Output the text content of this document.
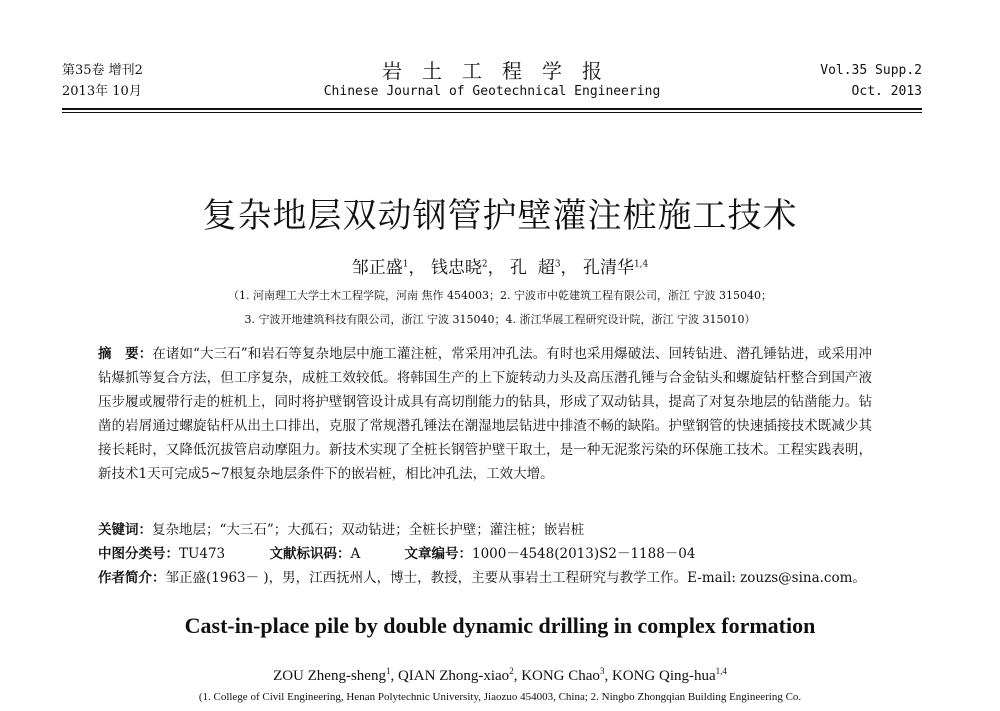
第35卷 增刊2
2013年 10月
岩土工程学报
Chinese Journal of Geotechnical Engineering
Vol.35 Supp.2
Oct. 2013
复杂地层双动钢管护壁灌注桩施工技术
邹正盛$^1$， 钱忠晓$^2$， 孔  超$^3$， 孔清华$^{1,4}$
（1. 河南理工大学土木工程学院，河南 焦作 454003；2. 宁波市中乾建筑工程有限公司，浙江 宁波 315040；
3. 宁波开地建筑科技有限公司，浙江 宁波 315040；4. 浙江华展工程研究设计院，浙江 宁波 315010）
摘　要：在诸如“大三石”和岩石等复杂地层中施工灌注桩，常采用冲孔法。有时也采用爆破法、回转钻进、潜孔锤钻进，或采用冲钻爆抓等复合方法，但工序复杂，成桩工效较低。将韩国生产的上下旋转动力头及高压潜孔锤与合金钻头和螺旋钻杆整合到国产液压步履或履带行走的桩机上，同时将护壁钢管设计成具有高切削能力的钻具，形成了双动钻具，提高了对复杂地层的钻凿能力。钻凿的岩屑通过螺旋钻杆从出土口排出，克服了常规潜孔锤法在潮湿地层钻进中排渣不畅的缺陷。护壁钢管的快速插接技术既减少其接长耗时，又降低沉拔管启动摩阻力。新技术实现了全桩长钢管护壁干取土，是一种无泥浆污染的环保施工技术。工程实践表明，新技术1天可完成5~7根复杂地层条件下的嵌岩桩，相比冲孔法，工效大增。
关键词：复杂地层；“大三石”；大孤石；双动钻进；全桩长护壁；灌注桩；嵌岩桩
中图分类号：TU473	文献标识码：A	文章编号：1000－4548(2013)S2－1188－04
作者简介：邹正盛(1963－ )，男，江西抚州人，博士，教授，主要从事岩土工程研究与教学工作。E-mail: zouzs@sina.com。
Cast-in-place pile by double dynamic drilling in complex formation
ZOU Zheng-sheng$^1$, QIAN Zhong-xiao$^2$, KONG Chao$^3$, KONG Qing-hua$^{1,4}$
(1. College of Civil Engineering, Henan Polytechnic University, Jiaozuo 454003, China; 2. Ningbo Zhongqian Building Engineering Co.
